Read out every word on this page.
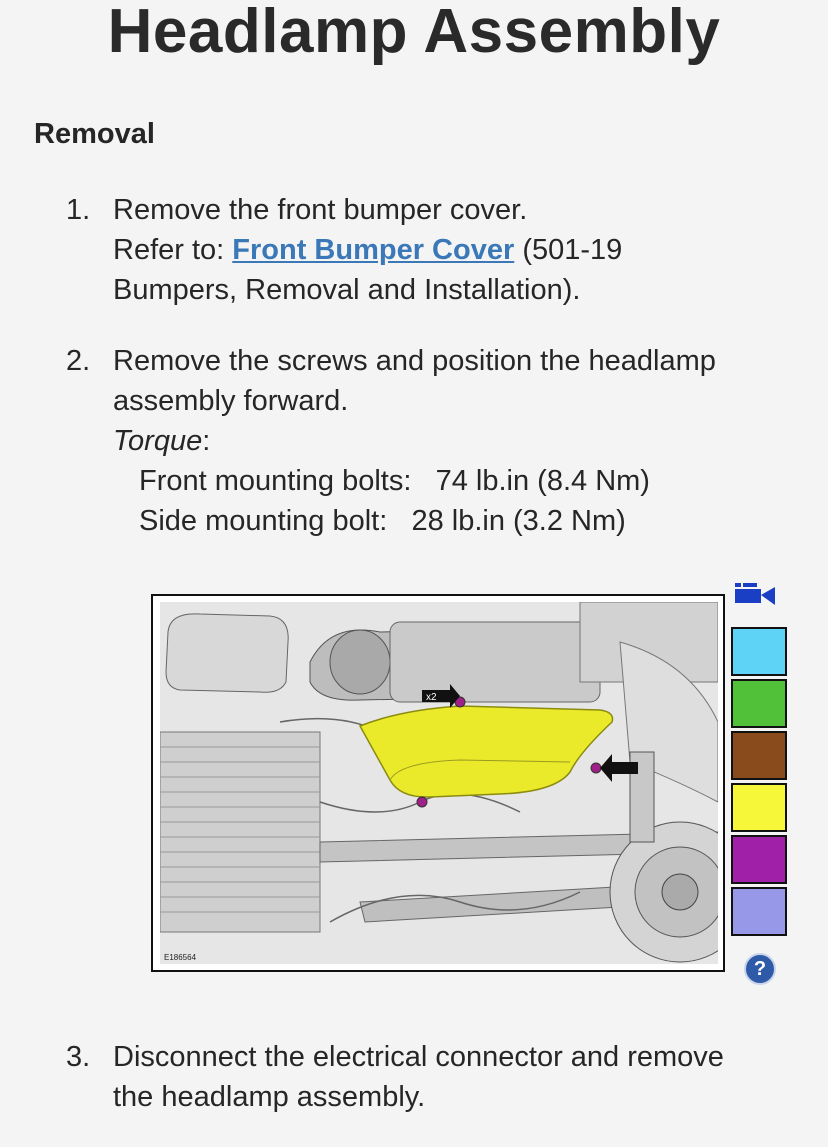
Headlamp Assembly
Removal
1. Remove the front bumper cover.
Refer to: Front Bumper Cover (501-19
Bumpers, Removal and Installation).
2. Remove the screws and position the headlamp
assembly forward.
Torque:
Front mounting bolts: 74 lb.in (8.4 Nm)
Side mounting bolt: 28 lb.in (3.2 Nm)
x2
E186564
?
3. Disconnect the electrical connector and remove
the headlamp assembly.
